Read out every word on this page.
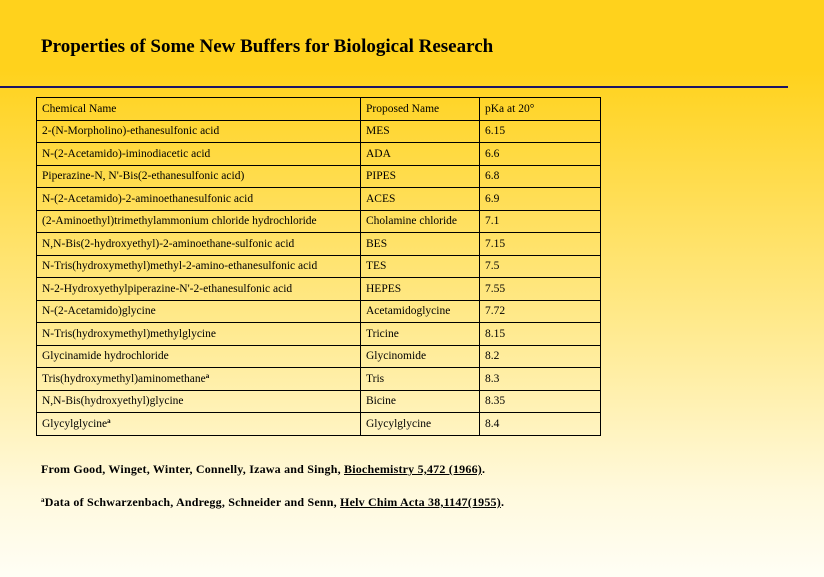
Properties of Some New Buffers for Biological Research
Chemical Name	Proposed Name	pKa at 20°
2-(N-Morpholino)-ethanesulfonic acid	MES	6.15
N-(2-Acetamido)-iminodiacetic acid	ADA	6.6
Piperazine-N, N'-Bis(2-ethanesulfonic acid)	PIPES	6.8
N-(2-Acetamido)-2-aminoethanesulfonic acid	ACES	6.9
(2-Aminoethyl)trimethylammonium chloride hydrochloride	Cholamine chloride	7.1
N,N-Bis(2-hydroxyethyl)-2-aminoethane-sulfonic acid	BES	7.15
N-Tris(hydroxymethyl)methyl-2-amino-ethanesulfonic acid	TES	7.5
N-2-Hydroxyethylpiperazine-N'-2-ethanesulfonic acid	HEPES	7.55
N-(2-Acetamido)glycine	Acetamidoglycine	7.72
N-Tris(hydroxymethyl)methylglycine	Tricine	8.15
Glycinamide hydrochloride	Glycinomide	8.2
Tris(hydroxymethyl)aminomethane$^a$	Tris	8.3
N,N-Bis(hydroxyethyl)glycine	Bicine	8.35
Glycylglycine$^a$	Glycylglycine	8.4
From Good, Winget, Winter, Connelly, Izawa and Singh, Biochemistry 5,472 (1966).
$^a$Data of Schwarzenbach, Andregg, Schneider and Senn, Helv Chim Acta 38,1147(1955).
